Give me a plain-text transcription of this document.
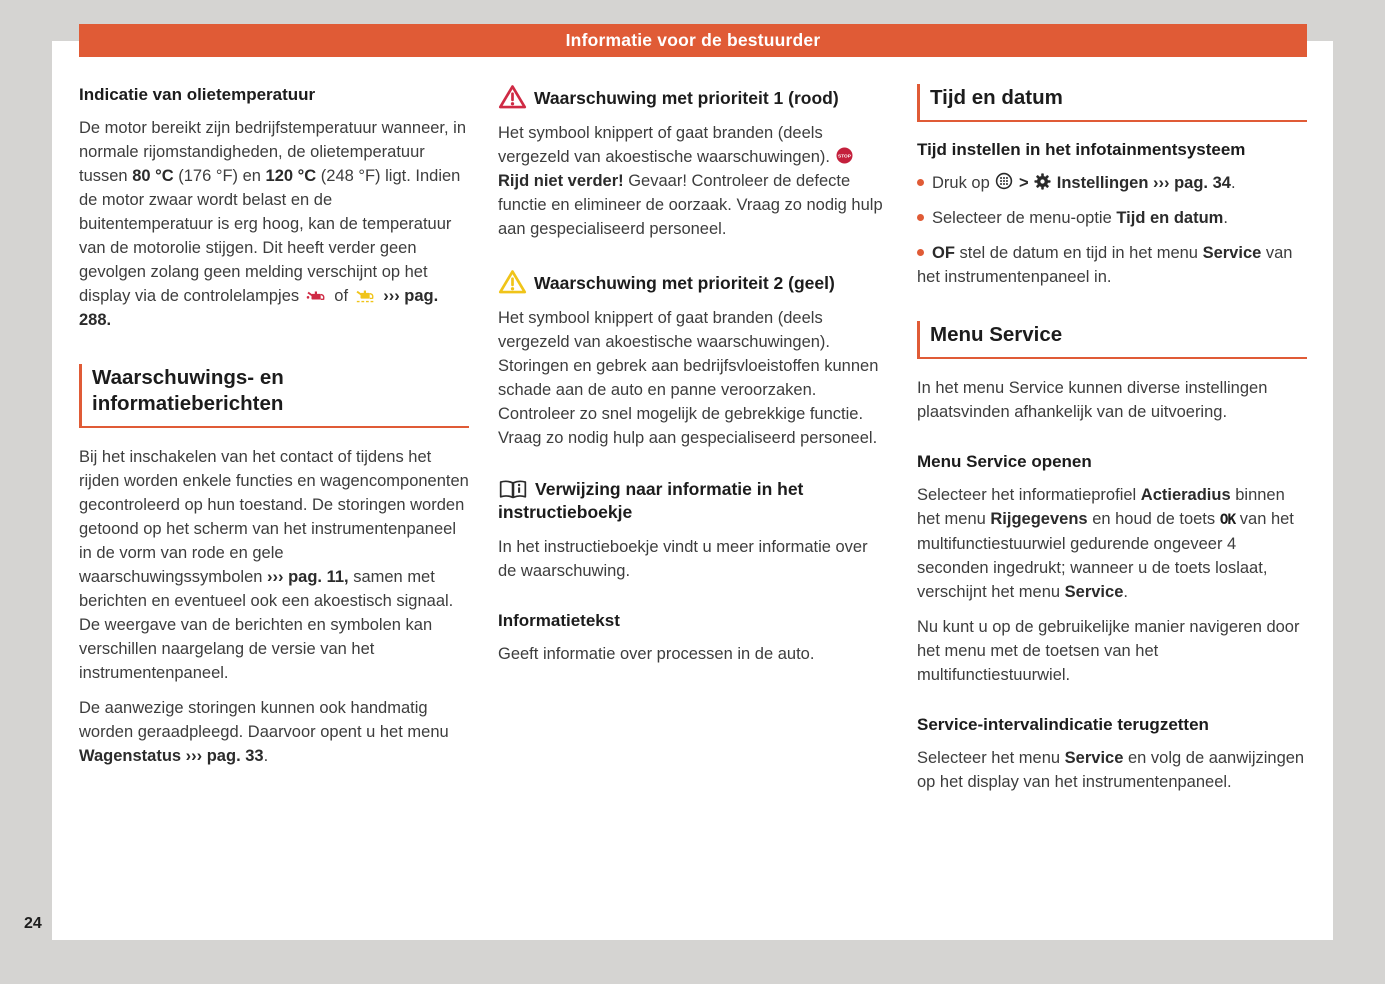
Informatie voor de bestuurder
Indicatie van olietemperatuur

De motor bereikt zijn bedrijfstemperatuur wanneer, in normale rijomstandigheden, de olietemperatuur tussen 80 °C (176 °F) en 120 °C (248 °F) ligt. Indien de motor zwaar wordt belast en de buitentemperatuur is erg hoog, kan de temperatuur van de motorolie stijgen. Dit heeft verder geen gevolgen zolang geen melding verschijnt op het display via de controlelampjes  of  ››› pag. 288.

Waarschuwings- en informatieberichten

Bij het inschakelen van het contact of tijdens het rijden worden enkele functies en wagencomponenten gecontroleerd op hun toestand. De storingen worden getoond op het scherm van het instrumentenpaneel in de vorm van rode en gele waarschuwingssymbolen ››› pag. 11, samen met berichten en eventueel ook een akoestisch signaal. De weergave van de berichten en symbolen kan verschillen naargelang de versie van het instrumentenpaneel.

De aanwezige storingen kunnen ook handmatig worden geraadpleegd. Daarvoor opent u het menu Wagenstatus ››› pag. 33.

Waarschuwing met prioriteit 1 (rood)

Het symbool knippert of gaat branden (deels vergezeld van akoestische waarschuwingen). STOP
Rijd niet verder! Gevaar! Controleer de defecte functie en elimineer de oorzaak. Vraag zo nodig hulp aan gespecialiseerd personeel.

Waarschuwing met prioriteit 2 (geel)

Het symbool knippert of gaat branden (deels vergezeld van akoestische waarschuwingen). Storingen en gebrek aan bedrijfsvloeistoffen kunnen schade aan de auto en panne veroorzaken. Controleer zo snel mogelijk de gebrekkige functie. Vraag zo nodig hulp aan gespecialiseerd personeel.

Verwijzing naar informatie in het instructieboekje

In het instructieboekje vindt u meer informatie over de waarschuwing.

Informatietekst

Geeft informatie over processen in de auto.

Tijd en datum
Tijd instellen in het infotainmentsysteem

Druk op  >  Instellingen ››› pag. 34.

Selecteer de menu-optie Tijd en datum.

OF stel de datum en tijd in het menu Service van het instrumentenpaneel in.

Menu Service

In het menu Service kunnen diverse instellingen plaatsvinden afhankelijk van de uitvoering.

Menu Service openen

Selecteer het informatieprofiel Actieradius binnen het menu Rijgegevens en houd de toets OK van het multifunctiestuurwiel gedurende ongeveer 4 seconden ingedrukt; wanneer u de toets loslaat, verschijnt het menu Service.

Nu kunt u op de gebruikelijke manier navigeren door het menu met de toetsen van het multifunctiestuurwiel.

Service-intervalindicatie terugzetten

Selecteer het menu Service en volg de aanwijzingen op het display van het instrumentenpaneel.

24
